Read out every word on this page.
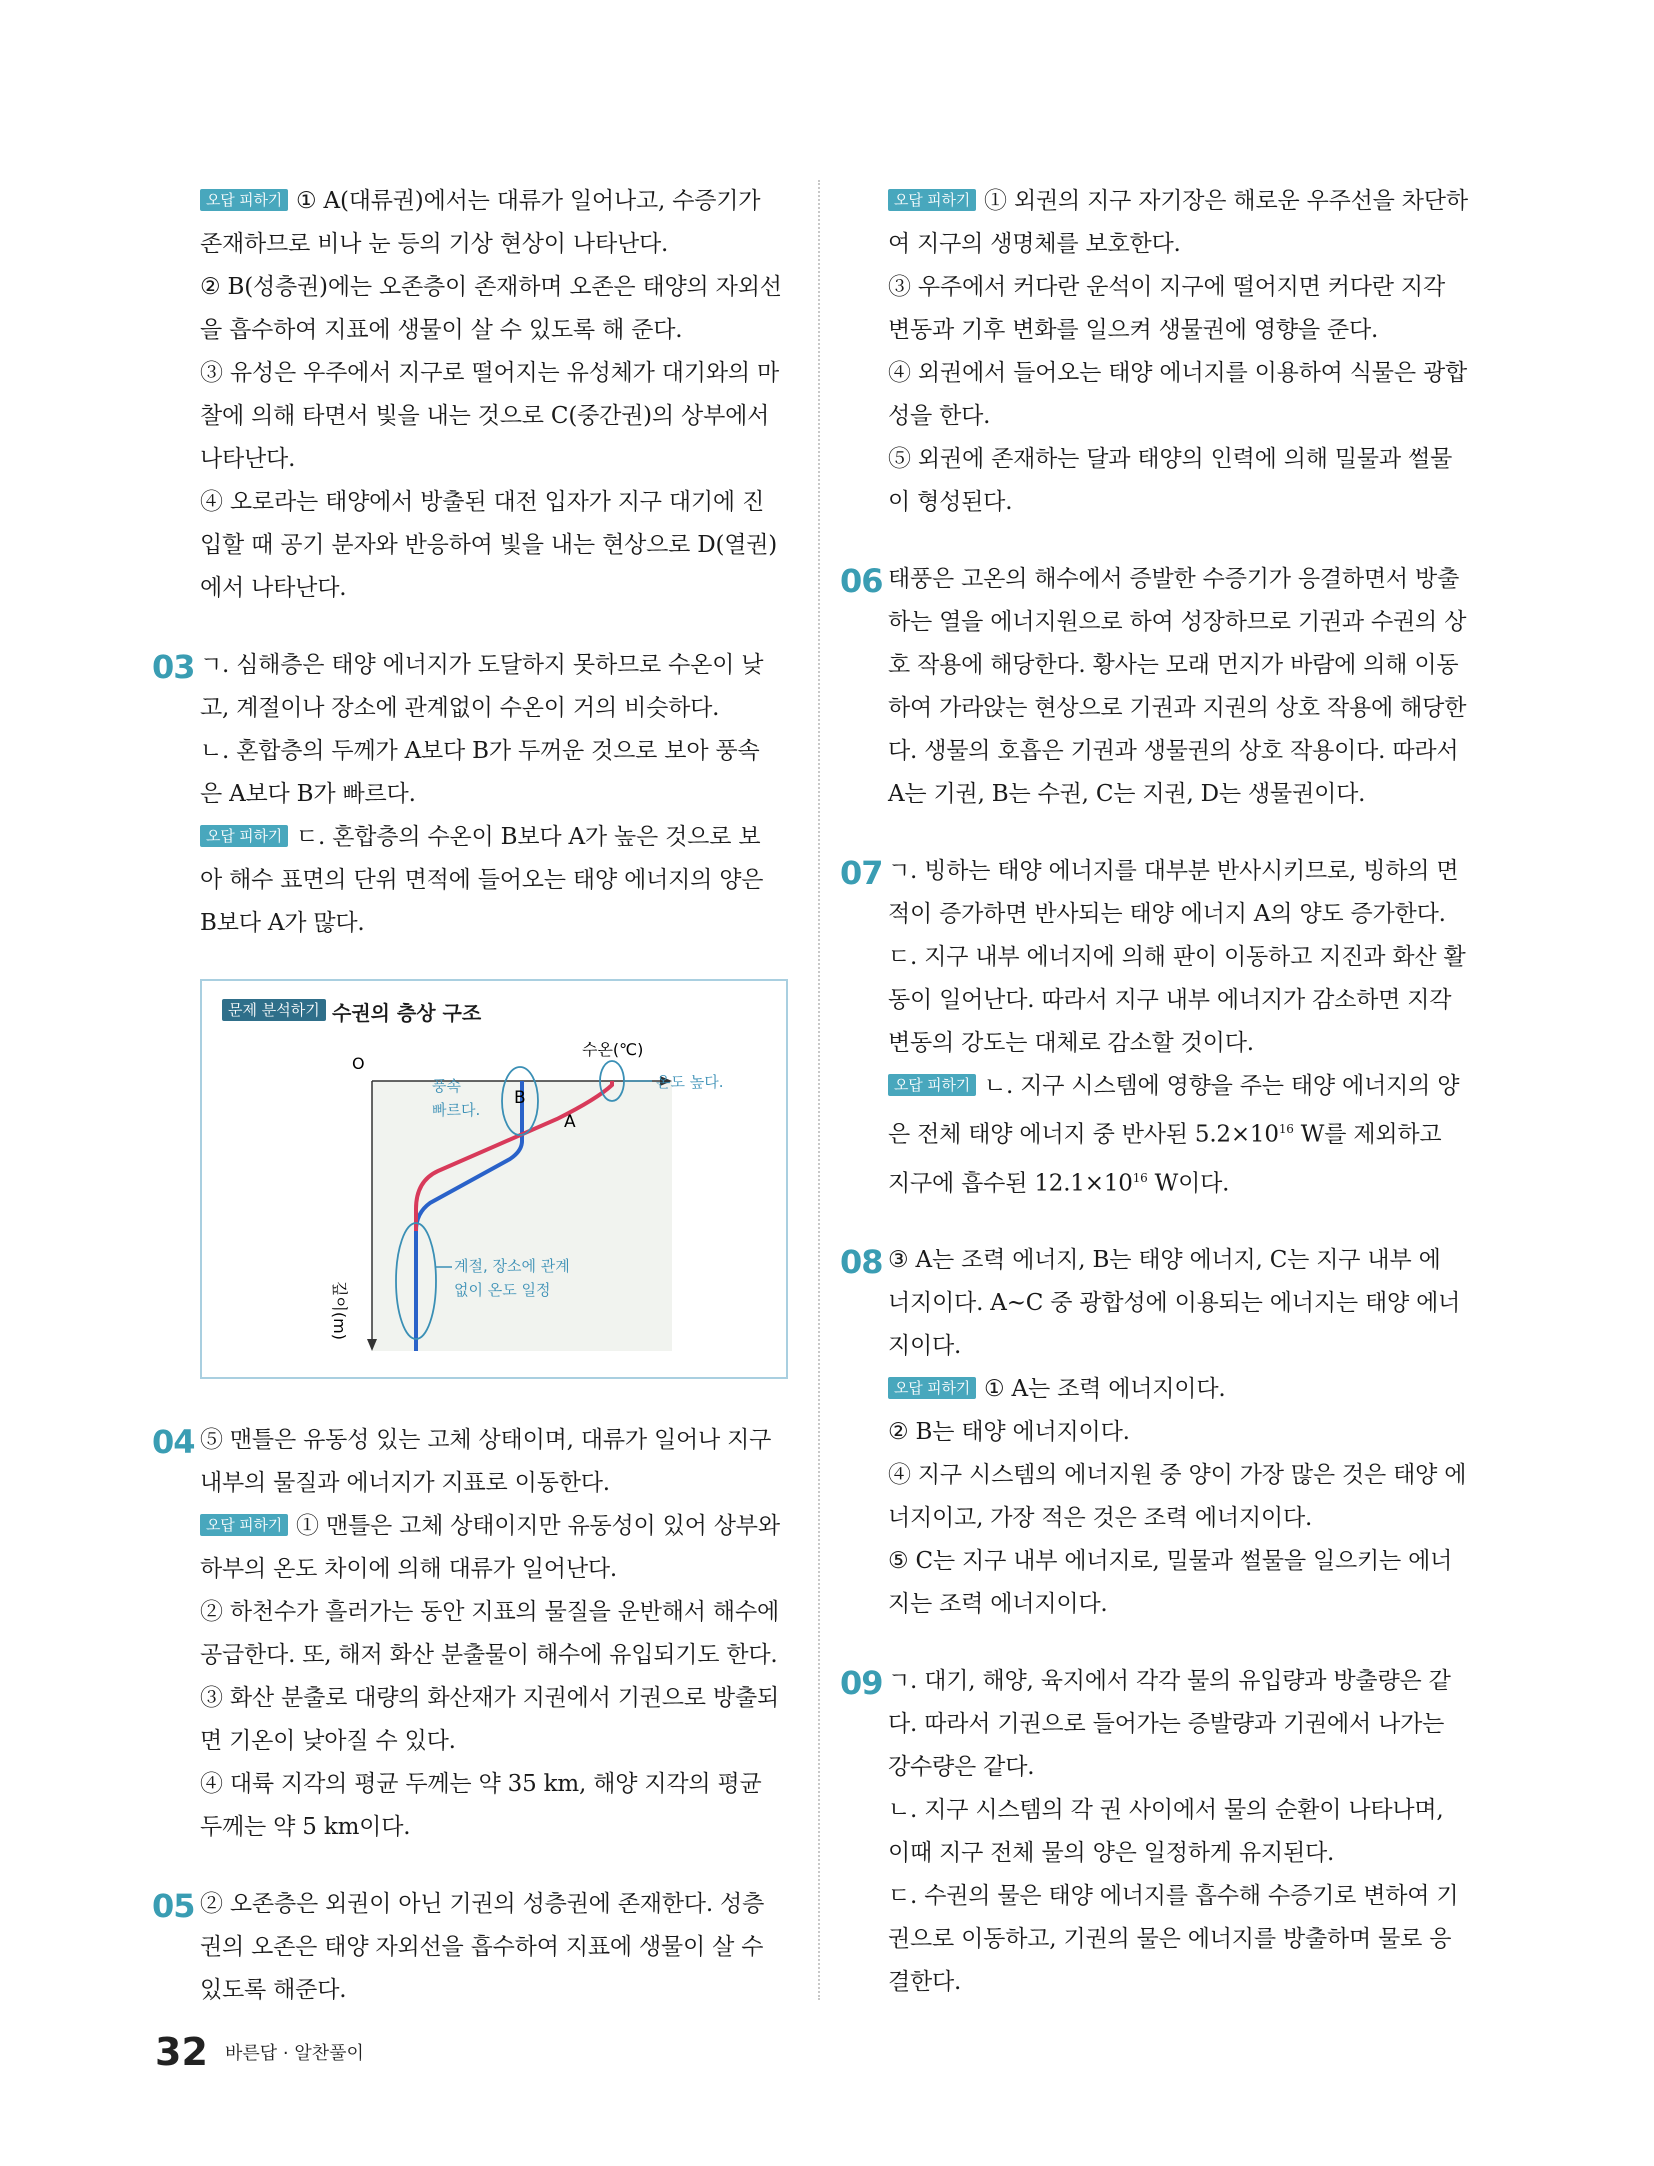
오답 피하기 ① A(대류권)에서는 대류가 일어나고, 수증기가
존재하므로 비나 눈 등의 기상 현상이 나타난다.
② B(성층권)에는 오존층이 존재하며 오존은 태양의 자외선
을 흡수하여 지표에 생물이 살 수 있도록 해 준다.
③ 유성은 우주에서 지구로 떨어지는 유성체가 대기와의 마
찰에 의해 타면서 빛을 내는 것으로 C(중간권)의 상부에서
나타난다.
④ 오로라는 태양에서 방출된 대전 입자가 지구 대기에 진
입할 때 공기 분자와 반응하여 빛을 내는 현상으로 D(열권)
에서 나타난다.
03 ㄱ. 심해층은 태양 에너지가 도달하지 못하므로 수온이 낮
고, 계절이나 장소에 관계없이 수온이 거의 비슷하다.
ㄴ. 혼합층의 두께가 A보다 B가 두꺼운 것으로 보아 풍속
은 A보다 B가 빠르다.
오답 피하기 ㄷ. 혼합층의 수온이 B보다 A가 높은 것으로 보
아 해수 표면의 단위 면적에 들어오는 태양 에너지의 양은
B보다 A가 많다.
문제 분석하기 수권의 층상 구조
O
수온(℃)
깊이(m)
B
A
풍속
빠르다.
온도 높다.
계절, 장소에 관계
없이 온도 일정
04 ⑤ 맨틀은 유동성 있는 고체 상태이며, 대류가 일어나 지구
내부의 물질과 에너지가 지표로 이동한다.
오답 피하기 ① 맨틀은 고체 상태이지만 유동성이 있어 상부와
하부의 온도 차이에 의해 대류가 일어난다.
② 하천수가 흘러가는 동안 지표의 물질을 운반해서 해수에
공급한다. 또, 해저 화산 분출물이 해수에 유입되기도 한다.
③ 화산 분출로 대량의 화산재가 지권에서 기권으로 방출되
면 기온이 낮아질 수 있다.
④ 대륙 지각의 평균 두께는 약 35 km, 해양 지각의 평균
두께는 약 5 km이다.
05 ② 오존층은 외권이 아닌 기권의 성층권에 존재한다. 성층
권의 오존은 태양 자외선을 흡수하여 지표에 생물이 살 수
있도록 해준다.
오답 피하기 ① 외권의 지구 자기장은 해로운 우주선을 차단하
여 지구의 생명체를 보호한다.
③ 우주에서 커다란 운석이 지구에 떨어지면 커다란 지각
변동과 기후 변화를 일으켜 생물권에 영향을 준다.
④ 외권에서 들어오는 태양 에너지를 이용하여 식물은 광합
성을 한다.
⑤ 외권에 존재하는 달과 태양의 인력에 의해 밀물과 썰물
이 형성된다.
06 태풍은 고온의 해수에서 증발한 수증기가 응결하면서 방출
하는 열을 에너지원으로 하여 성장하므로 기권과 수권의 상
호 작용에 해당한다. 황사는 모래 먼지가 바람에 의해 이동
하여 가라앉는 현상으로 기권과 지권의 상호 작용에 해당한
다. 생물의 호흡은 기권과 생물권의 상호 작용이다. 따라서
A는 기권, B는 수권, C는 지권, D는 생물권이다.
07 ㄱ. 빙하는 태양 에너지를 대부분 반사시키므로, 빙하의 면
적이 증가하면 반사되는 태양 에너지 A의 양도 증가한다.
ㄷ. 지구 내부 에너지에 의해 판이 이동하고 지진과 화산 활
동이 일어난다. 따라서 지구 내부 에너지가 감소하면 지각
변동의 강도는 대체로 감소할 것이다.
오답 피하기 ㄴ. 지구 시스템에 영향을 주는 태양 에너지의 양
은 전체 태양 에너지 중 반사된 $5.2\times 10^{16}$ W를 제외하고
지구에 흡수된 $12.1\times 10^{16}$ W이다.
08 ③ A는 조력 에너지, B는 태양 에너지, C는 지구 내부 에
너지이다. A~C 중 광합성에 이용되는 에너지는 태양 에너
지이다.
오답 피하기 ① A는 조력 에너지이다.
② B는 태양 에너지이다.
④ 지구 시스템의 에너지원 중 양이 가장 많은 것은 태양 에
너지이고, 가장 적은 것은 조력 에너지이다.
⑤ C는 지구 내부 에너지로, 밀물과 썰물을 일으키는 에너
지는 조력 에너지이다.
09 ㄱ. 대기, 해양, 육지에서 각각 물의 유입량과 방출량은 같
다. 따라서 기권으로 들어가는 증발량과 기권에서 나가는
강수량은 같다.
ㄴ. 지구 시스템의 각 권 사이에서 물의 순환이 나타나며,
이때 지구 전체 물의 양은 일정하게 유지된다.
ㄷ. 수권의 물은 태양 에너지를 흡수해 수증기로 변하여 기
권으로 이동하고, 기권의 물은 에너지를 방출하며 물로 응
결한다.
32 바른답 · 알찬풀이
